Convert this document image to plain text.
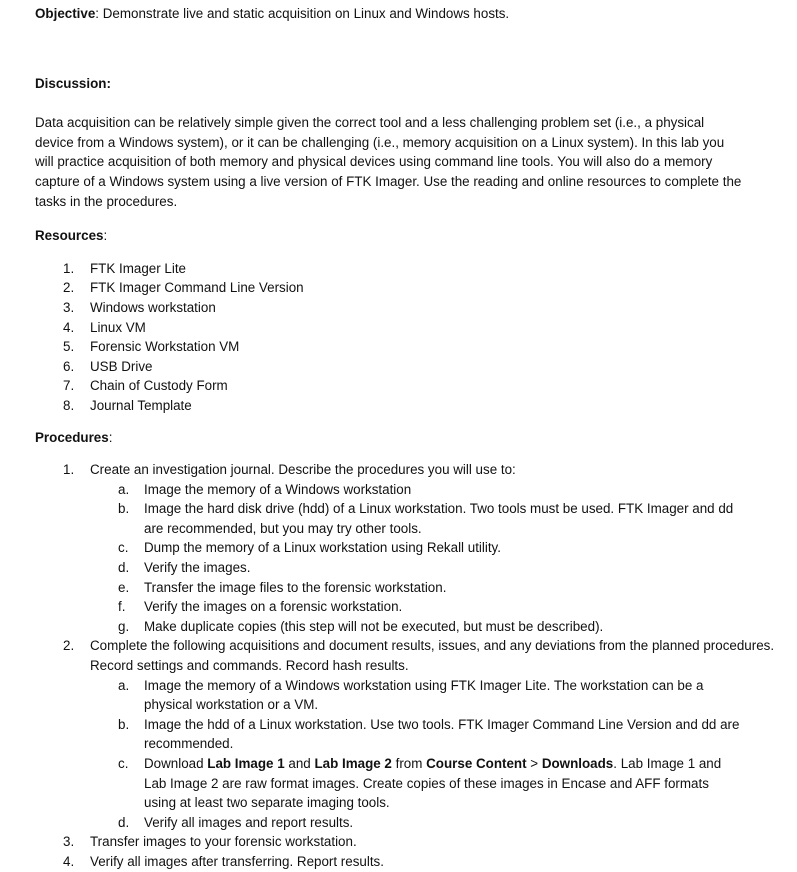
Objective: Demonstrate live and static acquisition on Linux and Windows hosts.

Discussion:

Data acquisition can be relatively simple given the correct tool and a less challenging problem set (i.e., a physical device from a Windows system), or it can be challenging (i.e., memory acquisition on a Linux system). In this lab you will practice acquisition of both memory and physical devices using command line tools. You will also do a memory capture of a Windows system using a live version of FTK Imager. Use the reading and online resources to complete the tasks in the procedures.

Resources:

1.	FTK Imager Lite
2.	FTK Imager Command Line Version
3.	Windows workstation
4.	Linux VM
5.	Forensic Workstation VM
6.	USB Drive
7.	Chain of Custody Form
8.	Journal Template

Procedures:

1.	Create an investigation journal. Describe the procedures you will use to:
a.	Image the memory of a Windows workstation
b.	Image the hard disk drive (hdd) of a Linux workstation. Two tools must be used. FTK Imager and dd are recommended, but you may try other tools.
c.	Dump the memory of a Linux workstation using Rekall utility.
d.	Verify the images.
e.	Transfer the image files to the forensic workstation.
f.	Verify the images on a forensic workstation.
g.	Make duplicate copies (this step will not be executed, but must be described).
2.	Complete the following acquisitions and document results, issues, and any deviations from the planned procedures. Record settings and commands. Record hash results.
a.	Image the memory of a Windows workstation using FTK Imager Lite. The workstation can be a physical workstation or a VM.
b.	Image the hdd of a Linux workstation. Use two tools. FTK Imager Command Line Version and dd are recommended.
c.	Download Lab Image 1 and Lab Image 2 from Course Content > Downloads. Lab Image 1 and Lab Image 2 are raw format images. Create copies of these images in Encase and AFF formats using at least two separate imaging tools.
d.	Verify all images and report results.
3.	Transfer images to your forensic workstation.
4.	Verify all images after transferring. Report results.
